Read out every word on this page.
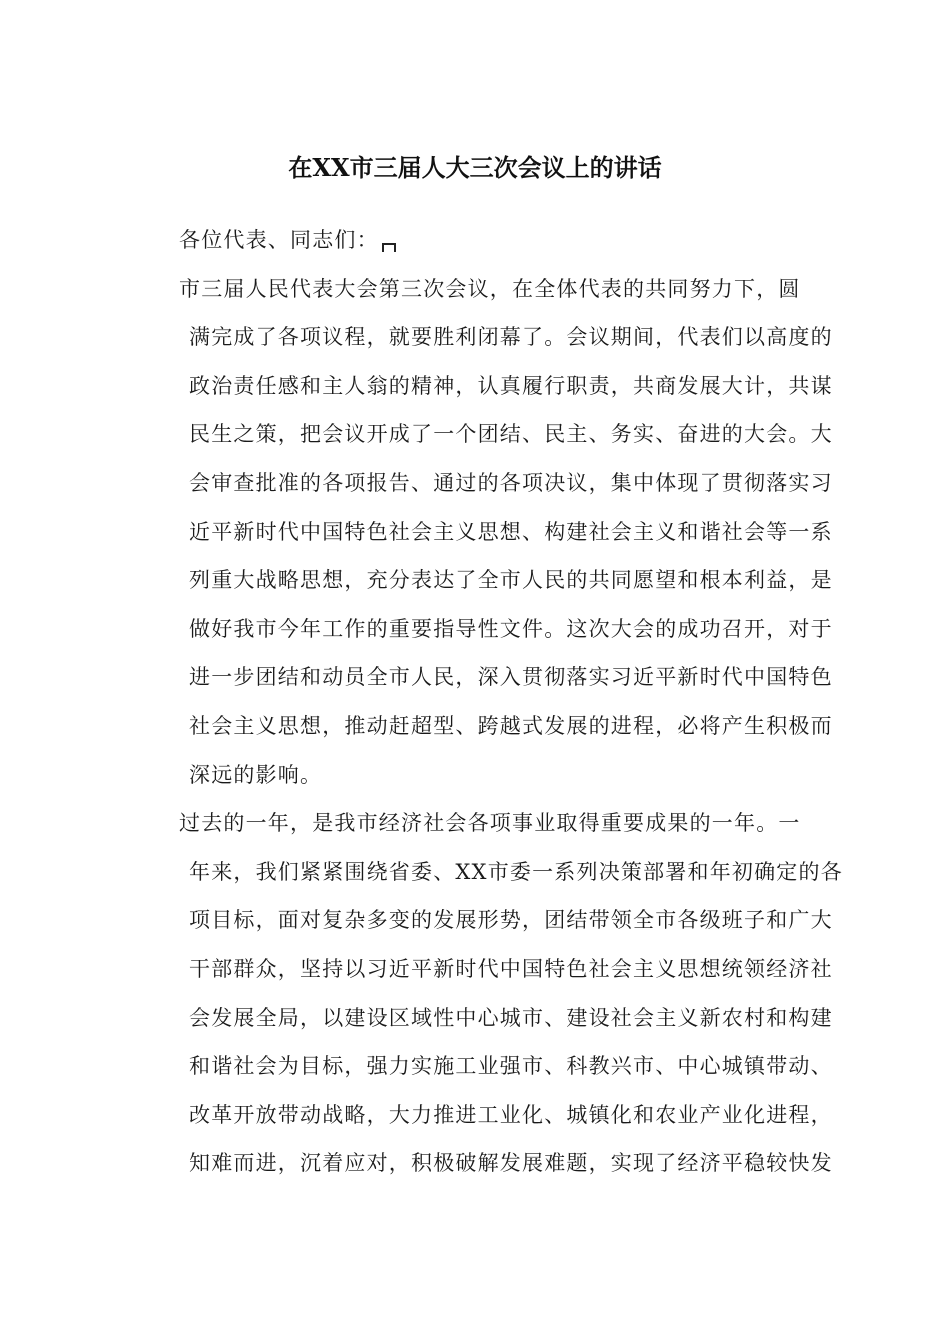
在XX市三届人大三次会议上的讲话
各位代表、同志们：
市三届人民代表大会第三次会议，在全体代表的共同努力下，圆
满完成了各项议程，就要胜利闭幕了。会议期间，代表们以高度的
政治责任感和主人翁的精神，认真履行职责，共商发展大计，共谋
民生之策，把会议开成了一个团结、民主、务实、奋进的大会。大
会审查批准的各项报告、通过的各项决议，集中体现了贯彻落实习
近平新时代中国特色社会主义思想、构建社会主义和谐社会等一系
列重大战略思想，充分表达了全市人民的共同愿望和根本利益，是
做好我市今年工作的重要指导性文件。这次大会的成功召开，对于
进一步团结和动员全市人民，深入贯彻落实习近平新时代中国特色
社会主义思想，推动赶超型、跨越式发展的进程，必将产生积极而
深远的影响。
过去的一年，是我市经济社会各项事业取得重要成果的一年。一
年来，我们紧紧围绕省委、XX市委一系列决策部署和年初确定的各
项目标，面对复杂多变的发展形势，团结带领全市各级班子和广大
干部群众，坚持以习近平新时代中国特色社会主义思想统领经济社
会发展全局，以建设区域性中心城市、建设社会主义新农村和构建
和谐社会为目标，强力实施工业强市、科教兴市、中心城镇带动、
改革开放带动战略，大力推进工业化、城镇化和农业产业化进程，
知难而进，沉着应对，积极破解发展难题，实现了经济平稳较快发
